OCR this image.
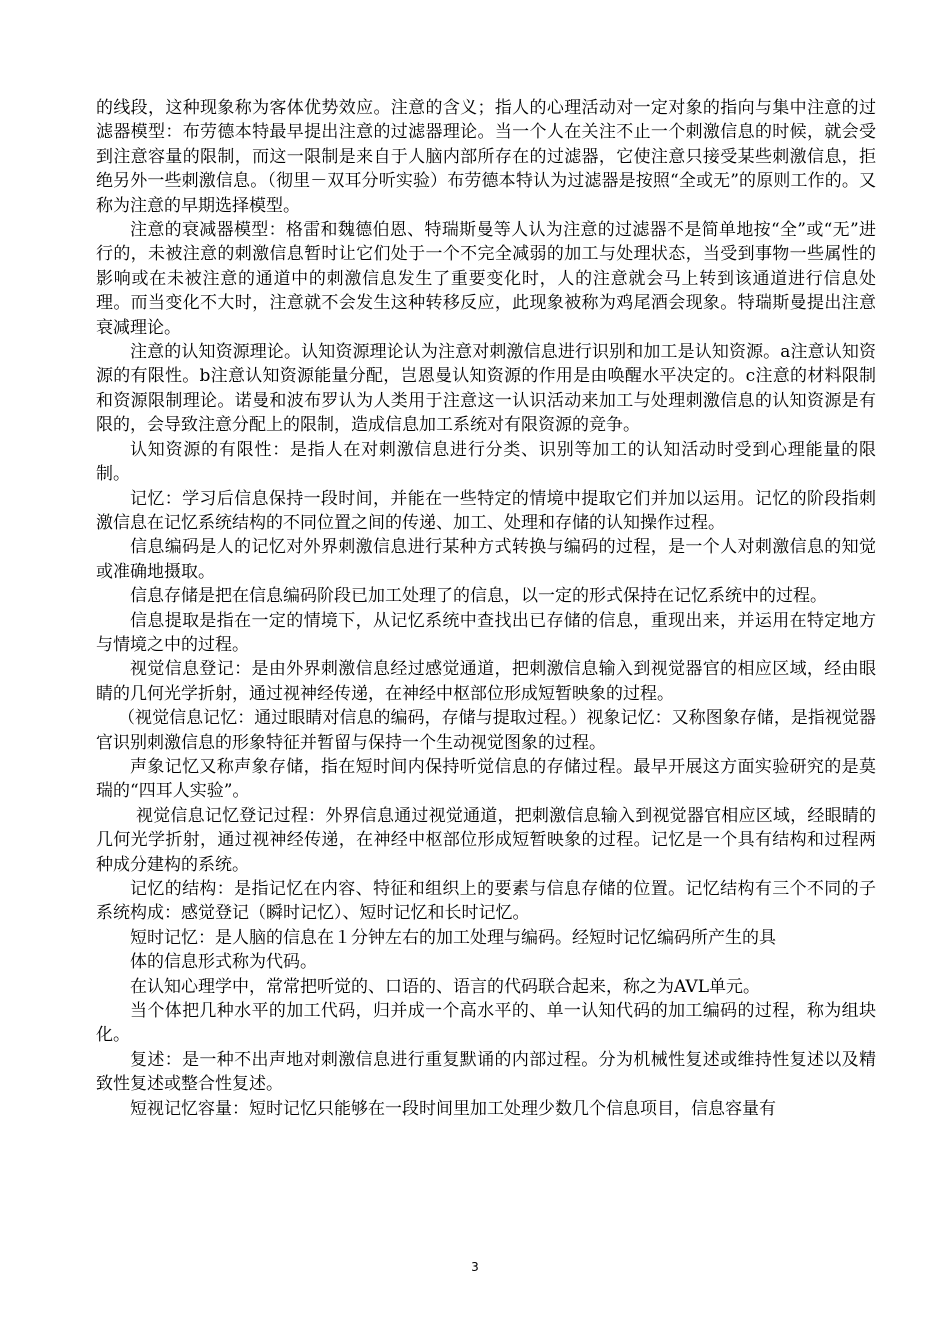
的线段，这种现象称为客体优势效应。注意的含义；指人的心理活动对一定对象的指向与集中注意的过滤器模型：布劳德本特最早提出注意的过滤器理论。当一个人在关注不止一个刺激信息的时候，就会受到注意容量的限制，而这一限制是来自于人脑内部所存在的过滤器，它使注意只接受某些刺激信息，拒绝另外一些刺激信息。（彻里－双耳分听实验）布劳德本特认为过滤器是按照“全或无”的原则工作的。又称为注意的早期选择模型。

注意的衰减器模型：格雷和魏德伯恩、特瑞斯曼等人认为注意的过滤器不是简单地按“全”或“无”进行的，未被注意的刺激信息暂时让它们处于一个不完全减弱的加工与处理状态，当受到事物一些属性的影响或在未被注意的通道中的刺激信息发生了重要变化时，人的注意就会马上转到该通道进行信息处理。而当变化不大时，注意就不会发生这种转移反应，此现象被称为鸡尾酒会现象。特瑞斯曼提出注意衰减理论。

注意的认知资源理论。认知资源理论认为注意对刺激信息进行识别和加工是认知资源。a注意认知资源的有限性。b注意认知资源能量分配，岂恩曼认知资源的作用是由唤醒水平决定的。c注意的材料限制和资源限制理论。诺曼和波布罗认为人类用于注意这一认识活动来加工与处理刺激信息的认知资源是有限的，会导致注意分配上的限制，造成信息加工系统对有限资源的竞争。

认知资源的有限性：是指人在对刺激信息进行分类、识别等加工的认知活动时受到心理能量的限制。

记忆：学习后信息保持一段时间，并能在一些特定的情境中提取它们并加以运用。记忆的阶段指刺激信息在记忆系统结构的不同位置之间的传递、加工、处理和存储的认知操作过程。

信息编码是人的记忆对外界刺激信息进行某种方式转换与编码的过程，是一个人对刺激信息的知觉或准确地摄取。

信息存储是把在信息编码阶段已加工处理了的信息，以一定的形式保持在记忆系统中的过程。

信息提取是指在一定的情境下，从记忆系统中查找出已存储的信息，重现出来，并运用在特定地方与情境之中的过程。

视觉信息登记：是由外界刺激信息经过感觉通道，把刺激信息输入到视觉器官的相应区域，经由眼睛的几何光学折射，通过视神经传递，在神经中枢部位形成短暂映象的过程。

（视觉信息记忆：通过眼睛对信息的编码，存储与提取过程。）视象记忆：又称图象存储，是指视觉器官识别刺激信息的形象特征并暂留与保持一个生动视觉图象的过程。

声象记忆又称声象存储，指在短时间内保持听觉信息的存储过程。最早开展这方面实验研究的是莫瑞的“四耳人实验”。

视觉信息记忆登记过程：外界信息通过视觉通道，把刺激信息输入到视觉器官相应区域，经眼睛的几何光学折射，通过视神经传递，在神经中枢部位形成短暂映象的过程。记忆是一个具有结构和过程两种成分建构的系统。

记忆的结构：是指记忆在内容、特征和组织上的要素与信息存储的位置。记忆结构有三个不同的子系统构成：感觉登记（瞬时记忆）、短时记忆和长时记忆。

短时记忆：是人脑的信息在１分钟左右的加工处理与编码。经短时记忆编码所产生的具

体的信息形式称为代码。

在认知心理学中，常常把听觉的、口语的、语言的代码联合起来，称之为AVL单元。

当个体把几种水平的加工代码，归并成一个高水平的、单一认知代码的加工编码的过程，称为组块化。

复述：是一种不出声地对刺激信息进行重复默诵的内部过程。分为机械性复述或维持性复述以及精致性复述或整合性复述。

短视记忆容量：短时记忆只能够在一段时间里加工处理少数几个信息项目，信息容量有

3
